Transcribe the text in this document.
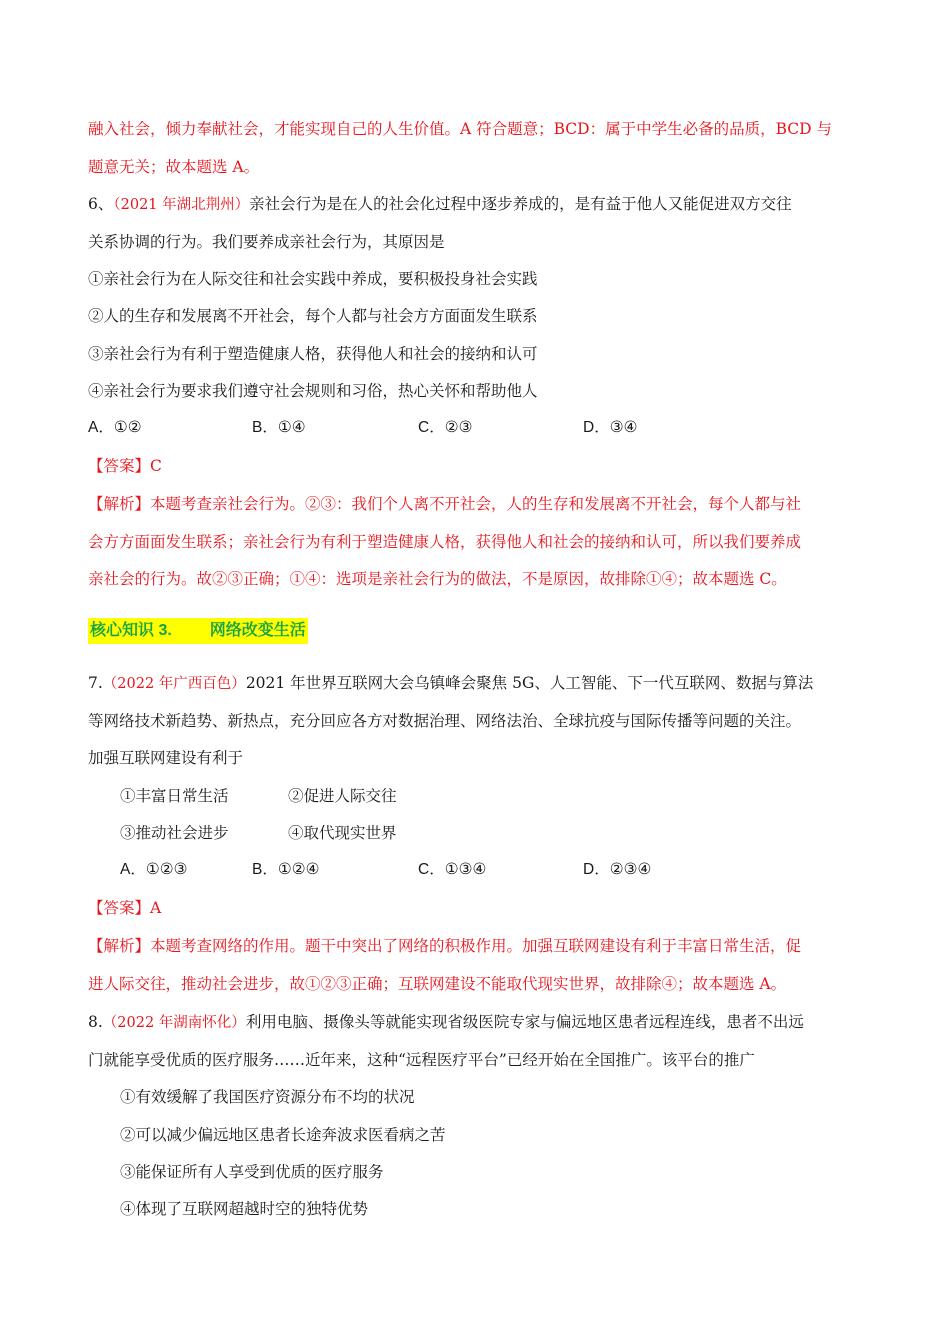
融入社会，倾力奉献社会，才能实现自己的人生价值。A 符合题意；BCD：属于中学生必备的品质，BCD 与
题意无关；故本题选 A。
6、（2021 年湖北荆州）亲社会行为是在人的社会化过程中逐步养成的，是有益于他人又能促进双方交往
关系协调的行为。我们要养成亲社会行为，其原因是
①亲社会行为在人际交往和社会实践中养成，要积极投身社会实践
②人的生存和发展离不开社会，每个人都与社会方方面面发生联系
③亲社会行为有利于塑造健康人格，获得他人和社会的接纳和认可
④亲社会行为要求我们遵守社会规则和习俗，热心关怀和帮助他人
A．①②	B．①④	C．②③	D．③④
【答案】C
【解析】本题考查亲社会行为。②③：我们个人离不开社会，人的生存和发展离不开社会，每个人都与社
会方方面面发生联系；亲社会行为有利于塑造健康人格，获得他人和社会的接纳和认可，所以我们要养成
亲社会的行为。故②③正确；①④：选项是亲社会行为的做法，不是原因，故排除①④；故本题选 C。
核心知识 3. 网络改变生活
7.（2022 年广西百色）2021 年世界互联网大会乌镇峰会聚焦 5G、人工智能、下一代互联网、数据与算法
等网络技术新趋势、新热点，充分回应各方对数据治理、网络法治、全球抗疫与国际传播等问题的关注。
加强互联网建设有利于
①丰富日常生活	②促进人际交往
③推动社会进步	④取代现实世界
A．①②③	B．①②④	C．①③④	D．②③④
【答案】A
【解析】本题考查网络的作用。题干中突出了网络的积极作用。加强互联网建设有利于丰富日常生活，促
进人际交往，推动社会进步，故①②③正确；互联网建设不能取代现实世界，故排除④；故本题选 A。
8.（2022 年湖南怀化）利用电脑、摄像头等就能实现省级医院专家与偏远地区患者远程连线，患者不出远
门就能享受优质的医疗服务……近年来，这种“远程医疗平台”已经开始在全国推广。该平台的推广
①有效缓解了我国医疗资源分布不均的状况
②可以减少偏远地区患者长途奔波求医看病之苦
③能保证所有人享受到优质的医疗服务
④体现了互联网超越时空的独特优势
